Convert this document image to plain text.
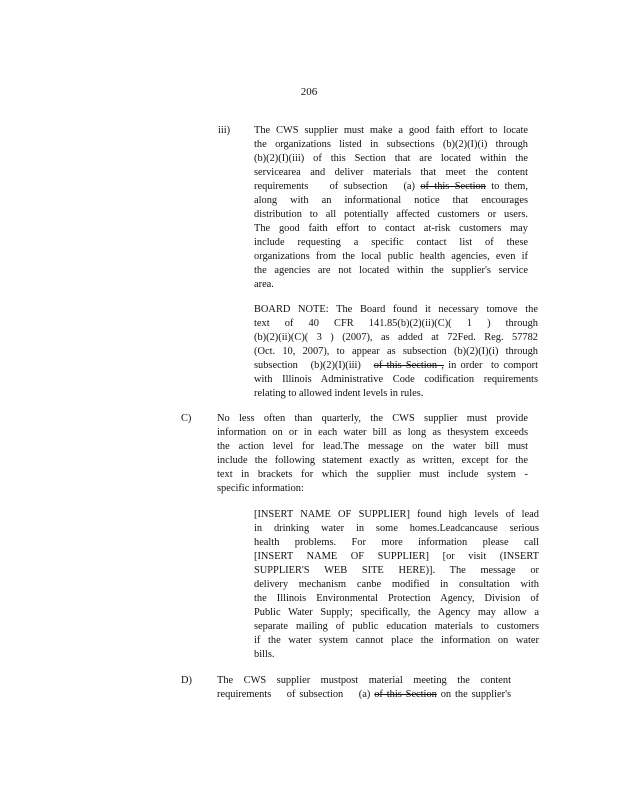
206
iii) The CWS supplier must make a good faith effort to locate
the organizations listed in subsections (b)(2)(I)(i) through
(b)(2)(I)(iii) of this Section that are located within the
servicearea and deliver materials that meet the content
requirements    of subsection   (a) of this Section to them,
along with an informational notice that encourages
distribution to all potentially affected customers or users.
The good faith effort to contact at-risk customers may
include requesting a specific contact list of these
organizations from the local public health agencies, even if
the agencies are not located within the supplier's service
area.
BOARD NOTE: The Board found it necessary tomove the
text of 40 CFR 141.85(b)(2)(ii)(C)( 1 ) through
(b)(2)(ii)(C)( 3 ) (2007), as added at 72Fed. Reg. 57782
(Oct. 10, 2007), to appear as subsection (b)(2)(I)(i) through
subsection   (b)(2)(I)(iii)   of this Section , in order  to comport
with Illinois Administrative Code codification requirements
relating to allowed indent levels in rules.
C) No less often than quarterly, the CWS supplier must provide
information on or in each water bill as long as thesystem exceeds
the action level for lead.The message on the water bill must
include the following statement exactly as written, except for the
text in brackets for which the supplier must include system -
specific information:
[INSERT NAME OF SUPPLIER] found high levels of lead
in drinking water in some homes.Leadcancause serious
health problems. For more information please call
[INSERT NAME OF SUPPLIER] [or visit (INSERT
SUPPLIER'S WEB SITE HERE)]. The message or
delivery mechanism canbe modified in consultation with
the Illinois Environmental Protection Agency, Division of
Public Water Supply; specifically, the Agency may allow a
separate mailing of public education materials to customers
if the water system cannot place the information on water
bills.
D) The CWS supplier mustpost material meeting the content
requirements    of subsection    (a) of this Section on the supplier's
